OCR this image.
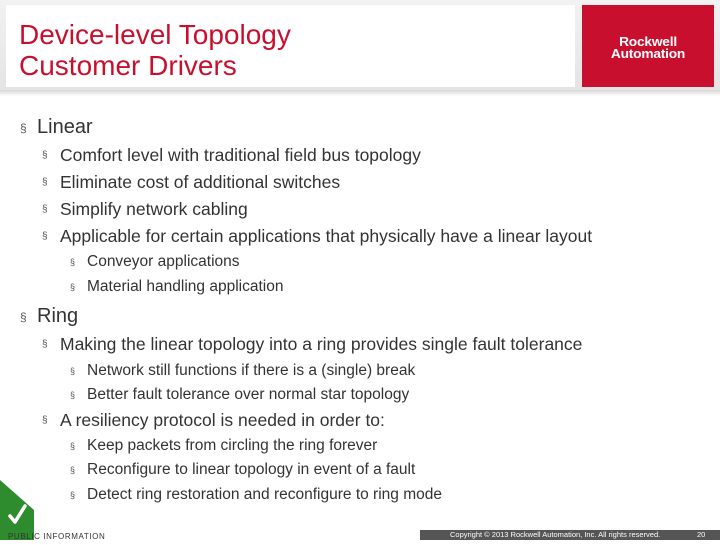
Device-level Topology
Customer Drivers
Rockwell
Automation
§ Linear
§ Comfort level with traditional field bus topology
§ Eliminate cost of additional switches
§ Simplify network cabling
§ Applicable for certain applications that physically have a linear layout
§ Conveyor applications
§ Material handling application
§ Ring
§ Making the linear topology into a ring provides single fault tolerance
§ Network still functions if there is a (single) break
§ Better fault tolerance over normal star topology
§ A resiliency protocol is needed in order to:
§ Keep packets from circling the ring forever
§ Reconfigure to linear topology in event of a fault
§ Detect ring restoration and reconfigure to ring mode
PUBLIC INFORMATION	Copyright © 2013 Rockwell Automation, Inc. All rights reserved.	20
